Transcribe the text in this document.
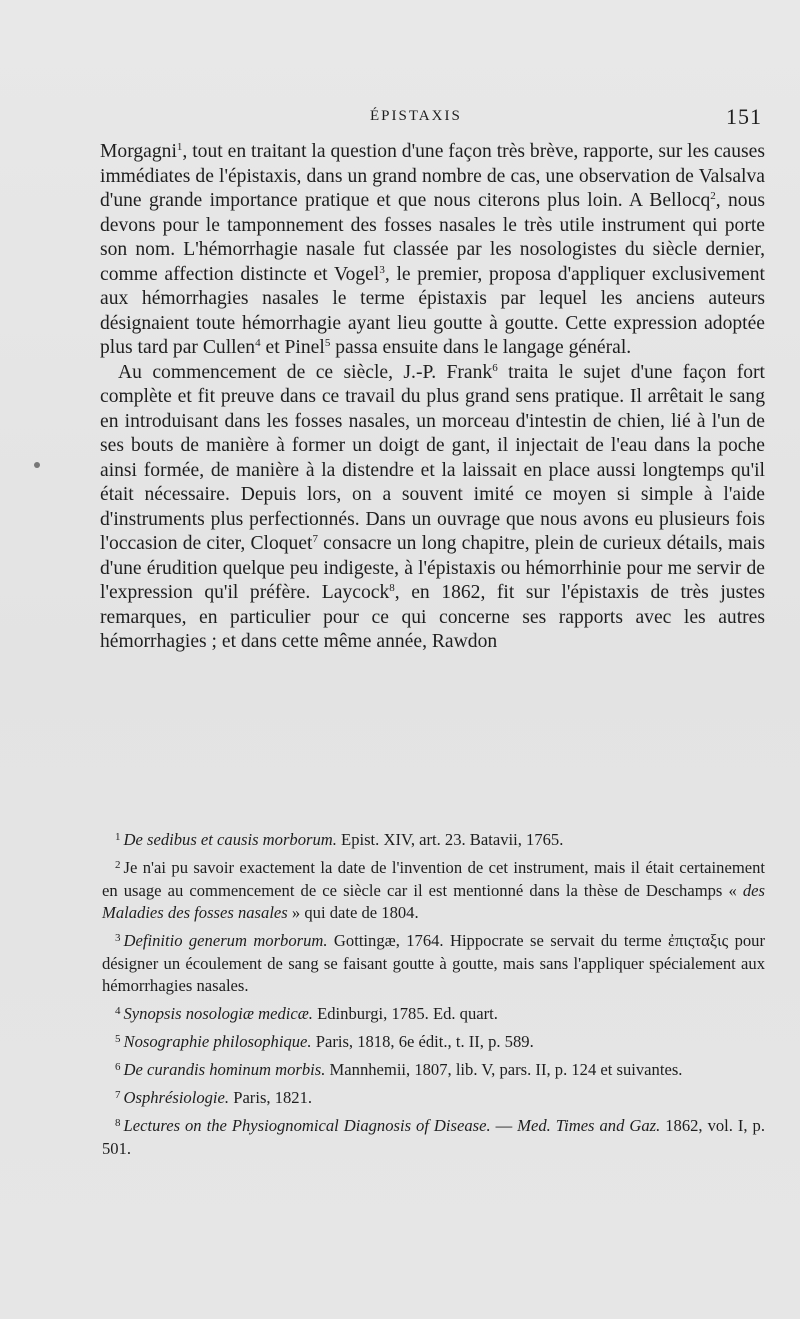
ÉPISTAXIS	151

Morgagni$^1$, tout en traitant la question d'une façon très brève, rapporte, sur les causes immédiates de l'épistaxis, dans un grand nombre de cas, une observation de Valsalva d'une grande importance pratique et que nous citerons plus loin. A Bellocq$^2$, nous devons pour le tamponnement des fosses nasales le très utile instrument qui porte son nom. L'hémorrhagie nasale fut classée par les nosologistes du siècle dernier, comme affection distincte et Vogel$^3$, le premier, proposa d'appliquer exclusivement aux hémorrhagies nasales le terme épistaxis par lequel les anciens auteurs désignaient toute hémorrhagie ayant lieu goutte à goutte. Cette expression adoptée plus tard par Cullen$^4$ et Pinel$^5$ passa ensuite dans le langage général.

Au commencement de ce siècle, J.-P. Frank$^6$ traita le sujet d'une façon fort complète et fit preuve dans ce travail du plus grand sens pratique. Il arrêtait le sang en introduisant dans les fosses nasales, un morceau d'intestin de chien, lié à l'un de ses bouts de manière à former un doigt de gant, il injectait de l'eau dans la poche ainsi formée, de manière à la distendre et la laissait en place aussi longtemps qu'il était nécessaire. Depuis lors, on a souvent imité ce moyen si simple à l'aide d'instruments plus perfectionnés. Dans un ouvrage que nous avons eu plusieurs fois l'occasion de citer, Cloquet$^7$ consacre un long chapitre, plein de curieux détails, mais d'une érudition quelque peu indigeste, à l'épistaxis ou hémorrhinie pour me servir de l'expression qu'il préfère. Laycock$^8$, en 1862, fit sur l'épistaxis de très justes remarques, en particulier pour ce qui concerne ses rapports avec les autres hémorrhagies ; et dans cette même année, Rawdon

$^1$ De sedibus et causis morborum. Epist. XIV, art. 23. Batavii, 1765.

$^2$ Je n'ai pu savoir exactement la date de l'invention de cet instrument, mais il était certainement en usage au commencement de ce siècle car il est mentionné dans la thèse de Deschamps « des Maladies des fosses nasales » qui date de 1804.

$^3$ Definitio generum morborum. Gottingæ, 1764. Hippocrate se servait du terme ἐπιςταξις pour désigner un écoulement de sang se faisant goutte à goutte, mais sans l'appliquer spécialement aux hémorrhagies nasales.

$^4$ Synopsis nosologiæ medicæ. Edinburgi, 1785. Ed. quart.

$^5$ Nosographie philosophique. Paris, 1818, 6e édit., t. II, p. 589.

$^6$ De curandis hominum morbis. Mannhemii, 1807, lib. V, pars. II, p. 124 et suivantes.

$^7$ Osphrésiologie. Paris, 1821.

$^8$ Lectures on the Physiognomical Diagnosis of Disease. — Med. Times and Gaz. 1862, vol. I, p. 501.
